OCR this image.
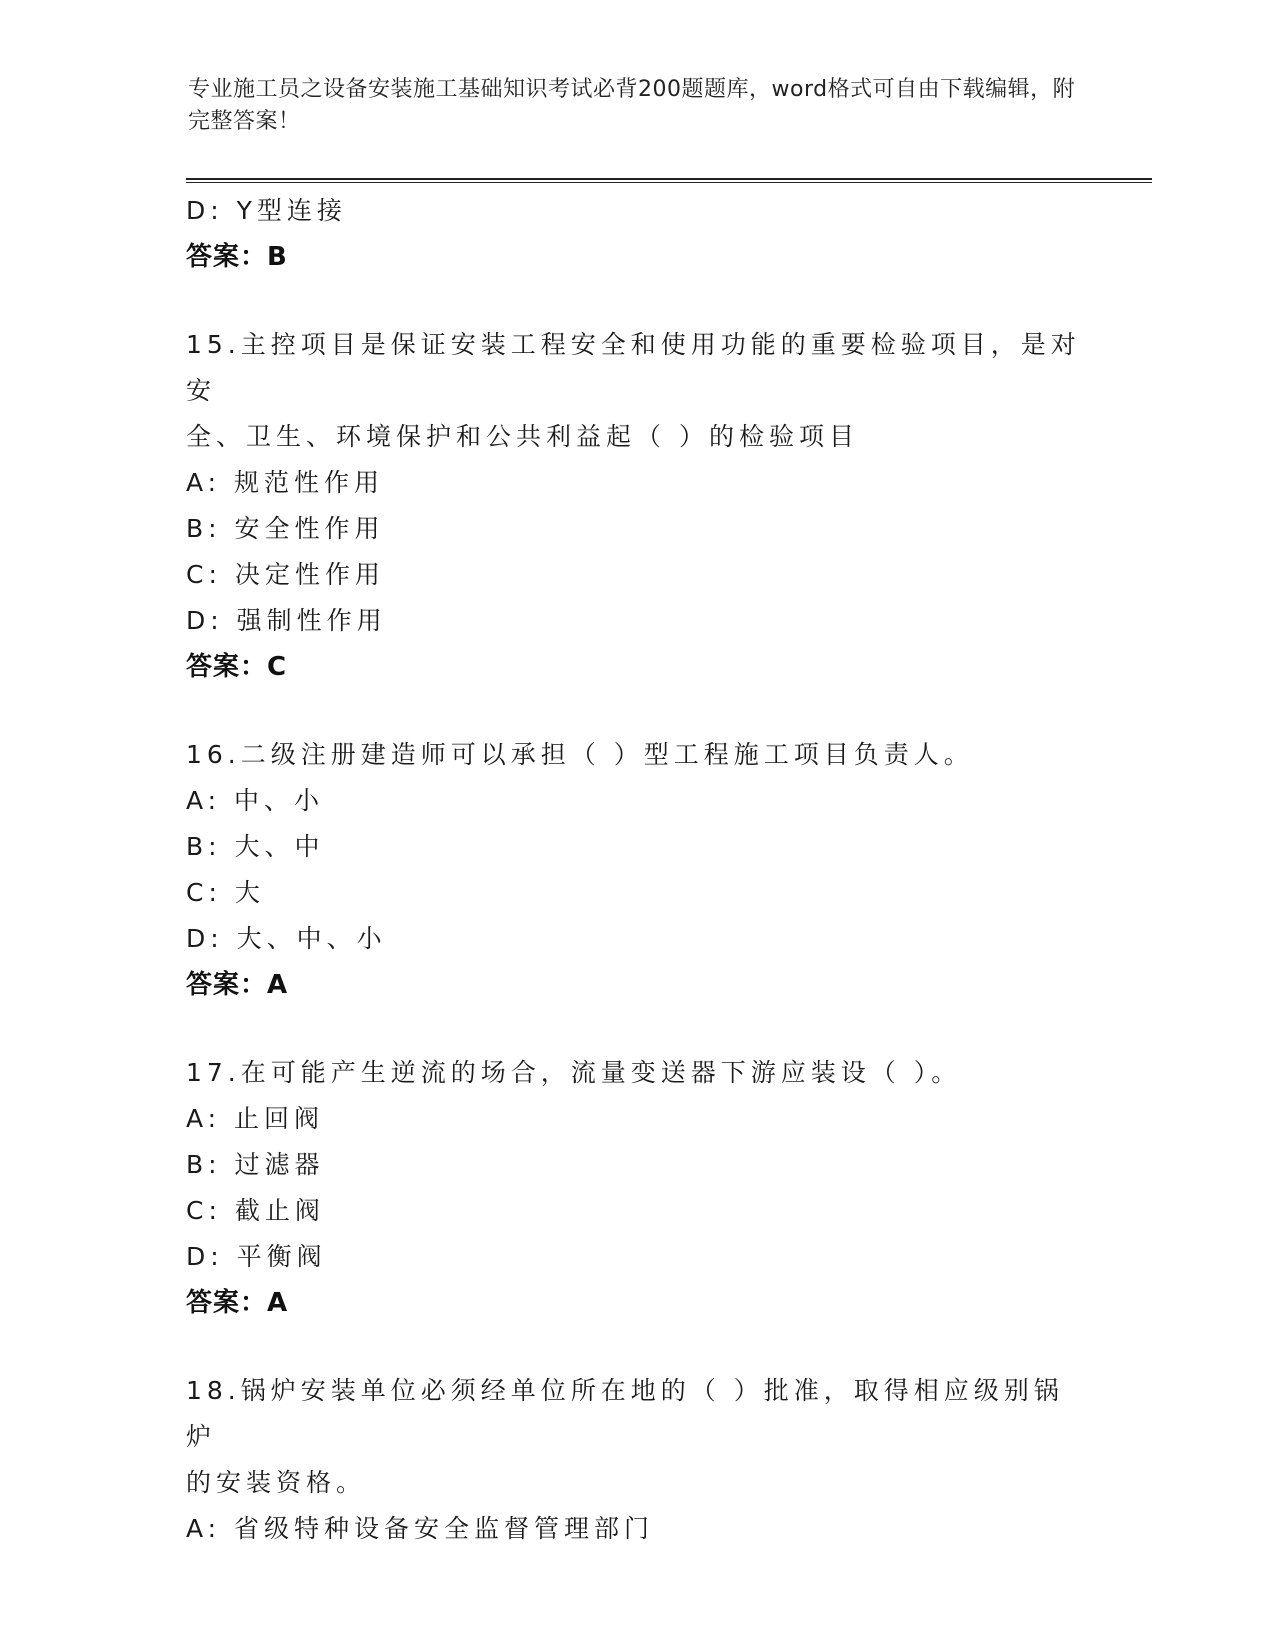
专业施工员之设备安装施工基础知识考试必背200题题库，word格式可自由下载编辑，附完整答案！
D: Y型连接
答案：B
15.主控项目是保证安装工程安全和使用功能的重要检验项目，是对安
全、卫生、环境保护和公共利益起（ ）的检验项目
A: 规范性作用
B: 安全性作用
C: 决定性作用
D: 强制性作用
答案：C
16.二级注册建造师可以承担（ ）型工程施工项目负责人。
A: 中、小
B: 大、中
C: 大
D: 大、中、小
答案：A
17.在可能产生逆流的场合，流量变送器下游应装设（ ）。
A: 止回阀
B: 过滤器
C: 截止阀
D: 平衡阀
答案：A
18.锅炉安装单位必须经单位所在地的（ ）批准，取得相应级别锅炉
的安装资格。
A: 省级特种设备安全监督管理部门
